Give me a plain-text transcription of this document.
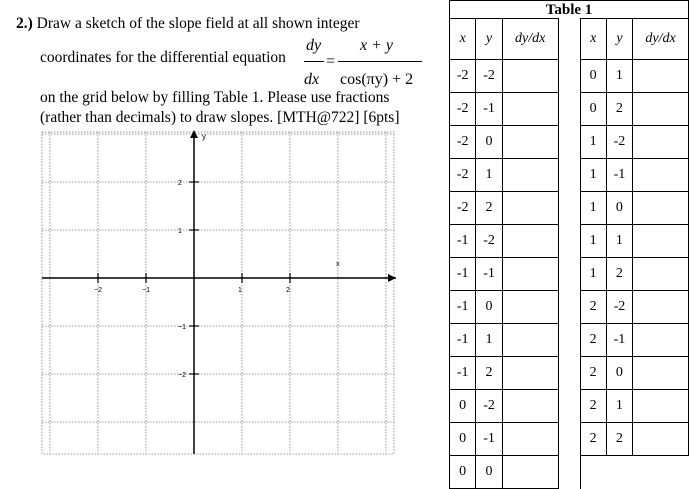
2.) Draw a sketch of the slope field at all shown integer
coordinates for the differential equation
dy
dx
=
x + y
cos(πy) + 2
on the grid below by filling Table 1. Please use fractions
(rather than decimals) to draw slopes. [MTH@722] [6pts]
x
y
−2	−1	1	2
2
1
−1
−2
Table 1
x	y	dy/dx		x	y	dy/dx
-2	-2			0	1	
-2	-1			0	2	
-2	0			1	-2	
-2	1			1	-1	
-2	2			1	0	
-1	-2			1	1	
-1	-1			1	2	
-1	0			2	-2	
-1	1			2	-1	
-1	2			2	0	
0	-2			2	1	
0	-1			2	2	
0	0					
